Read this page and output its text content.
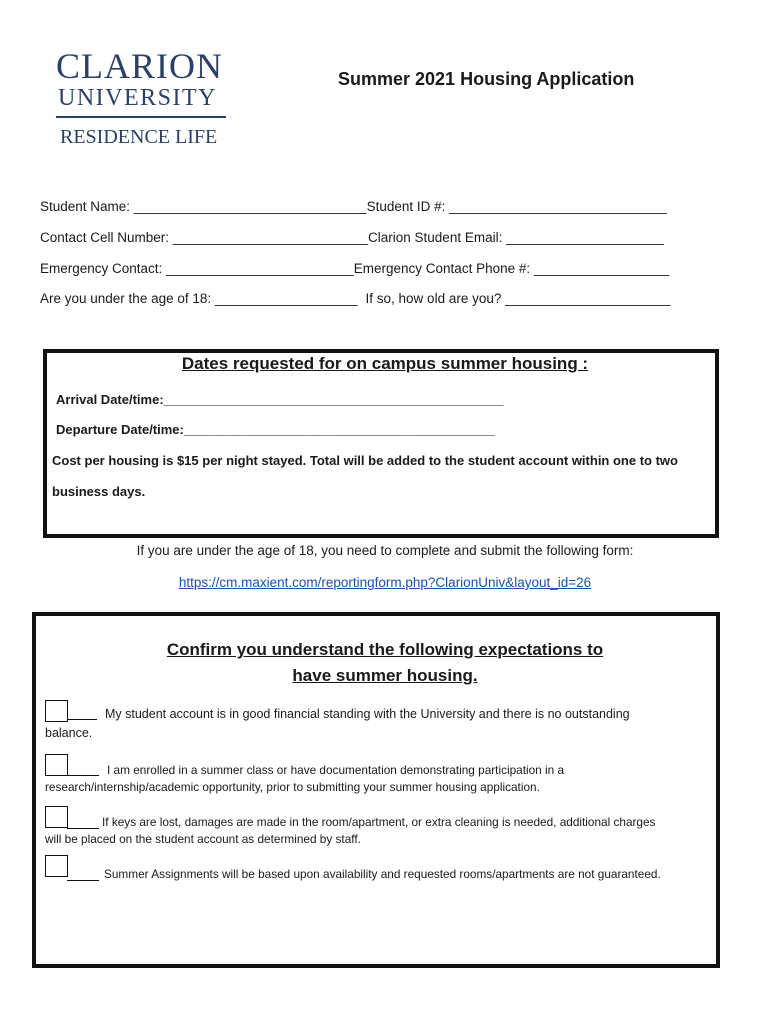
CLARION
UNIVERSITY
RESIDENCE LIFE
Summer 2021 Housing Application
Student Name: _______________________________Student ID #: _____________________________
Contact Cell Number: __________________________Clarion Student Email: _____________________
Emergency Contact: _________________________Emergency Contact Phone #: __________________
Are you under the age of 18: ___________________ If so, how old are you? ______________________
Dates requested for on campus summer housing :
Arrival Date/time:_______________________________________________
Departure Date/time:___________________________________________
Cost per housing is $15 per night stayed. Total will be added to the student account within one to two
business days.
If you are under the age of 18, you need to complete and submit the following form:
https://cm.maxient.com/reportingform.php?ClarionUniv&layout_id=26
Confirm you understand the following expectations to
have summer housing.
My student account is in good financial standing with the University and there is no outstanding
balance.
I am enrolled in a summer class or have documentation demonstrating participation in a
research/internship/academic opportunity, prior to submitting your summer housing application.
If keys are lost, damages are made in the room/apartment, or extra cleaning is needed, additional charges
will be placed on the student account as determined by staff.
Summer Assignments will be based upon availability and requested rooms/apartments are not guaranteed.
